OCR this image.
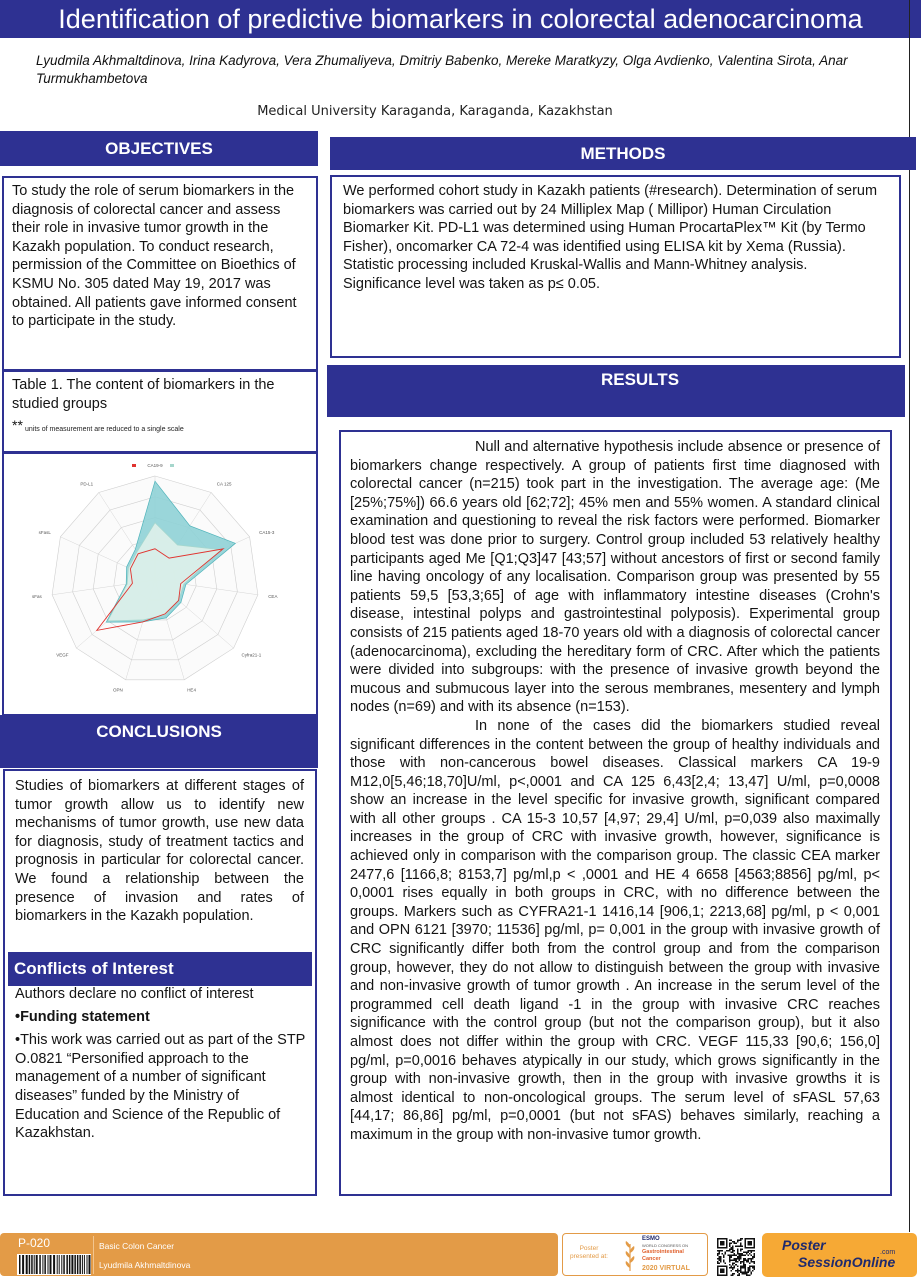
Identification of predictive biomarkers in colorectal adenocarcinoma
Lyudmila Akhmaltdinova, Irina Kadyrova, Vera Zhumaliyeva, Dmitriy Babenko, Mereke Maratkyzy, Olga Avdienko, Valentina Sirota, Anar Turmukhambetova
Medical University Karaganda, Karaganda, Kazakhstan
OBJECTIVES
To study the role of serum biomarkers in the diagnosis of colorectal cancer and assess their role in invasive tumor growth in the Kazakh population. To conduct research, permission of the Committee on Bioethics of KSMU No. 305 dated May 19, 2017 was obtained. All patients gave informed consent to participate in the study.
Table 1. The content of biomarkers in the studied groups
** units of measurement are reduced to a single scale
CA19-9
CA 125
CA15-3
CEA
Cyfra21-1
HE4
OPN
VEGF
sFas
sFasL
PD-L1
CONCLUSIONS
Studies of biomarkers at different stages of tumor growth allow us to identify new mechanisms of tumor growth, use new data for diagnosis, study of treatment tactics and prognosis in particular for colorectal cancer. We found a relationship between the presence of invasion and rates of biomarkers in the Kazakh population.
Conflicts of Interest
Authors declare no conflict of interest
•Funding statement
•This work was carried out as part of the STP O.0821 “Personified approach to the management of a number of significant diseases” funded by the Ministry of Education and Science of the Republic of Kazakhstan.
METHODS
We performed cohort study in Kazakh patients (#research). Determination of serum biomarkers was carried out by 24 Milliplex Map ( Millipor) Human Circulation Biomarker Kit. PD-L1 was determined using Human ProcartaPlex™ Kit (by Termo Fisher), oncomarker CA 72-4 was identified using ELISA kit by Xema (Russia). Statistic processing included Kruskal-Wallis and Mann-Whitney analysis. Significance level was taken as p≤ 0.05.
RESULTS

Null and alternative hypothesis include absence or presence of biomarkers change respectively. A group of patients first time diagnosed with colorectal cancer (n=215) took part in the investigation. The average age: (Me [25%;75%]) 66.6 years old [62;72]; 45% men and 55% women. A standard clinical examination and questioning to reveal the risk factors were performed. Biomarker blood test was done prior to surgery. Control group included 53 relatively healthy participants aged Me [Q1;Q3]47 [43;57] without ancestors of first or second family line having oncology of any localisation. Comparison group was presented by 55 patients 59,5 [53,3;65] of age with inflammatory intestine diseases (Crohn's disease, intestinal polyps and gastrointestinal polyposis). Experimental group consists of 215 patients aged 18-70 years old with a diagnosis of colorectal cancer (adenocarcinoma), excluding the hereditary form of CRC. After which the patients were divided into subgroups: with the presence of invasive growth beyond the mucous and submucous layer into the serous membranes, mesentery and lymph nodes (n=69) and with its absence (n=153).

In none of the cases did the biomarkers studied reveal significant differences in the content between the group of healthy individuals and those with non-cancerous bowel diseases. Classical markers CA 19-9 M12,0[5,46;18,70]U/ml, p<,0001 and CA 125 6,43[2,4; 13,47] U/ml, p=0,0008 show an increase in the level specific for invasive growth, significant compared with all other groups . CA 15-3 10,57 [4,97; 29,4] U/ml, p=0,039 also maximally increases in the group of CRC with invasive growth, however, significance is achieved only in comparison with the comparison group. The classic CEA marker 2477,6 [1166,8; 8153,7] pg/ml,p < ,0001 and HE 4 6658 [4563;8856] pg/ml, p< 0,0001 rises equally in both groups in CRC, with no difference between the groups. Markers such as CYFRA21-1 1416,14 [906,1; 2213,68] pg/ml, p < 0,001 and OPN 6121 [3970; 11536] pg/ml, p= 0,001 in the group with invasive growth of CRC significantly differ both from the control group and from the comparison group, however, they do not allow to distinguish between the group with invasive and non-invasive growth of tumor growth . An increase in the serum level of the programmed cell death ligand -1 in the group with invasive CRC reaches significance with the control group (but not the comparison group), but it also almost does not differ within the group with CRC. VEGF 115,33 [90,6; 156,0] pg/ml, p=0,0016 behaves atypically in our study, which grows significantly in the group with non-invasive growth, then in the group with invasive growths it is almost identical to non-oncological groups. The serum level of sFASL 57,63 [44,17; 86,86] pg/ml, p=0,0001 (but not sFAS) behaves similarly, reaching a maximum in the group with non-invasive tumor growth.

P-020	Basic Colon Cancer
Lyudmila Akhmaltdinova
Poster presented at:
ESMO
WORLD CONGRESS ON
Gastrointestinal Cancer
2020 VIRTUAL
Poster
SessionOnline
.com
